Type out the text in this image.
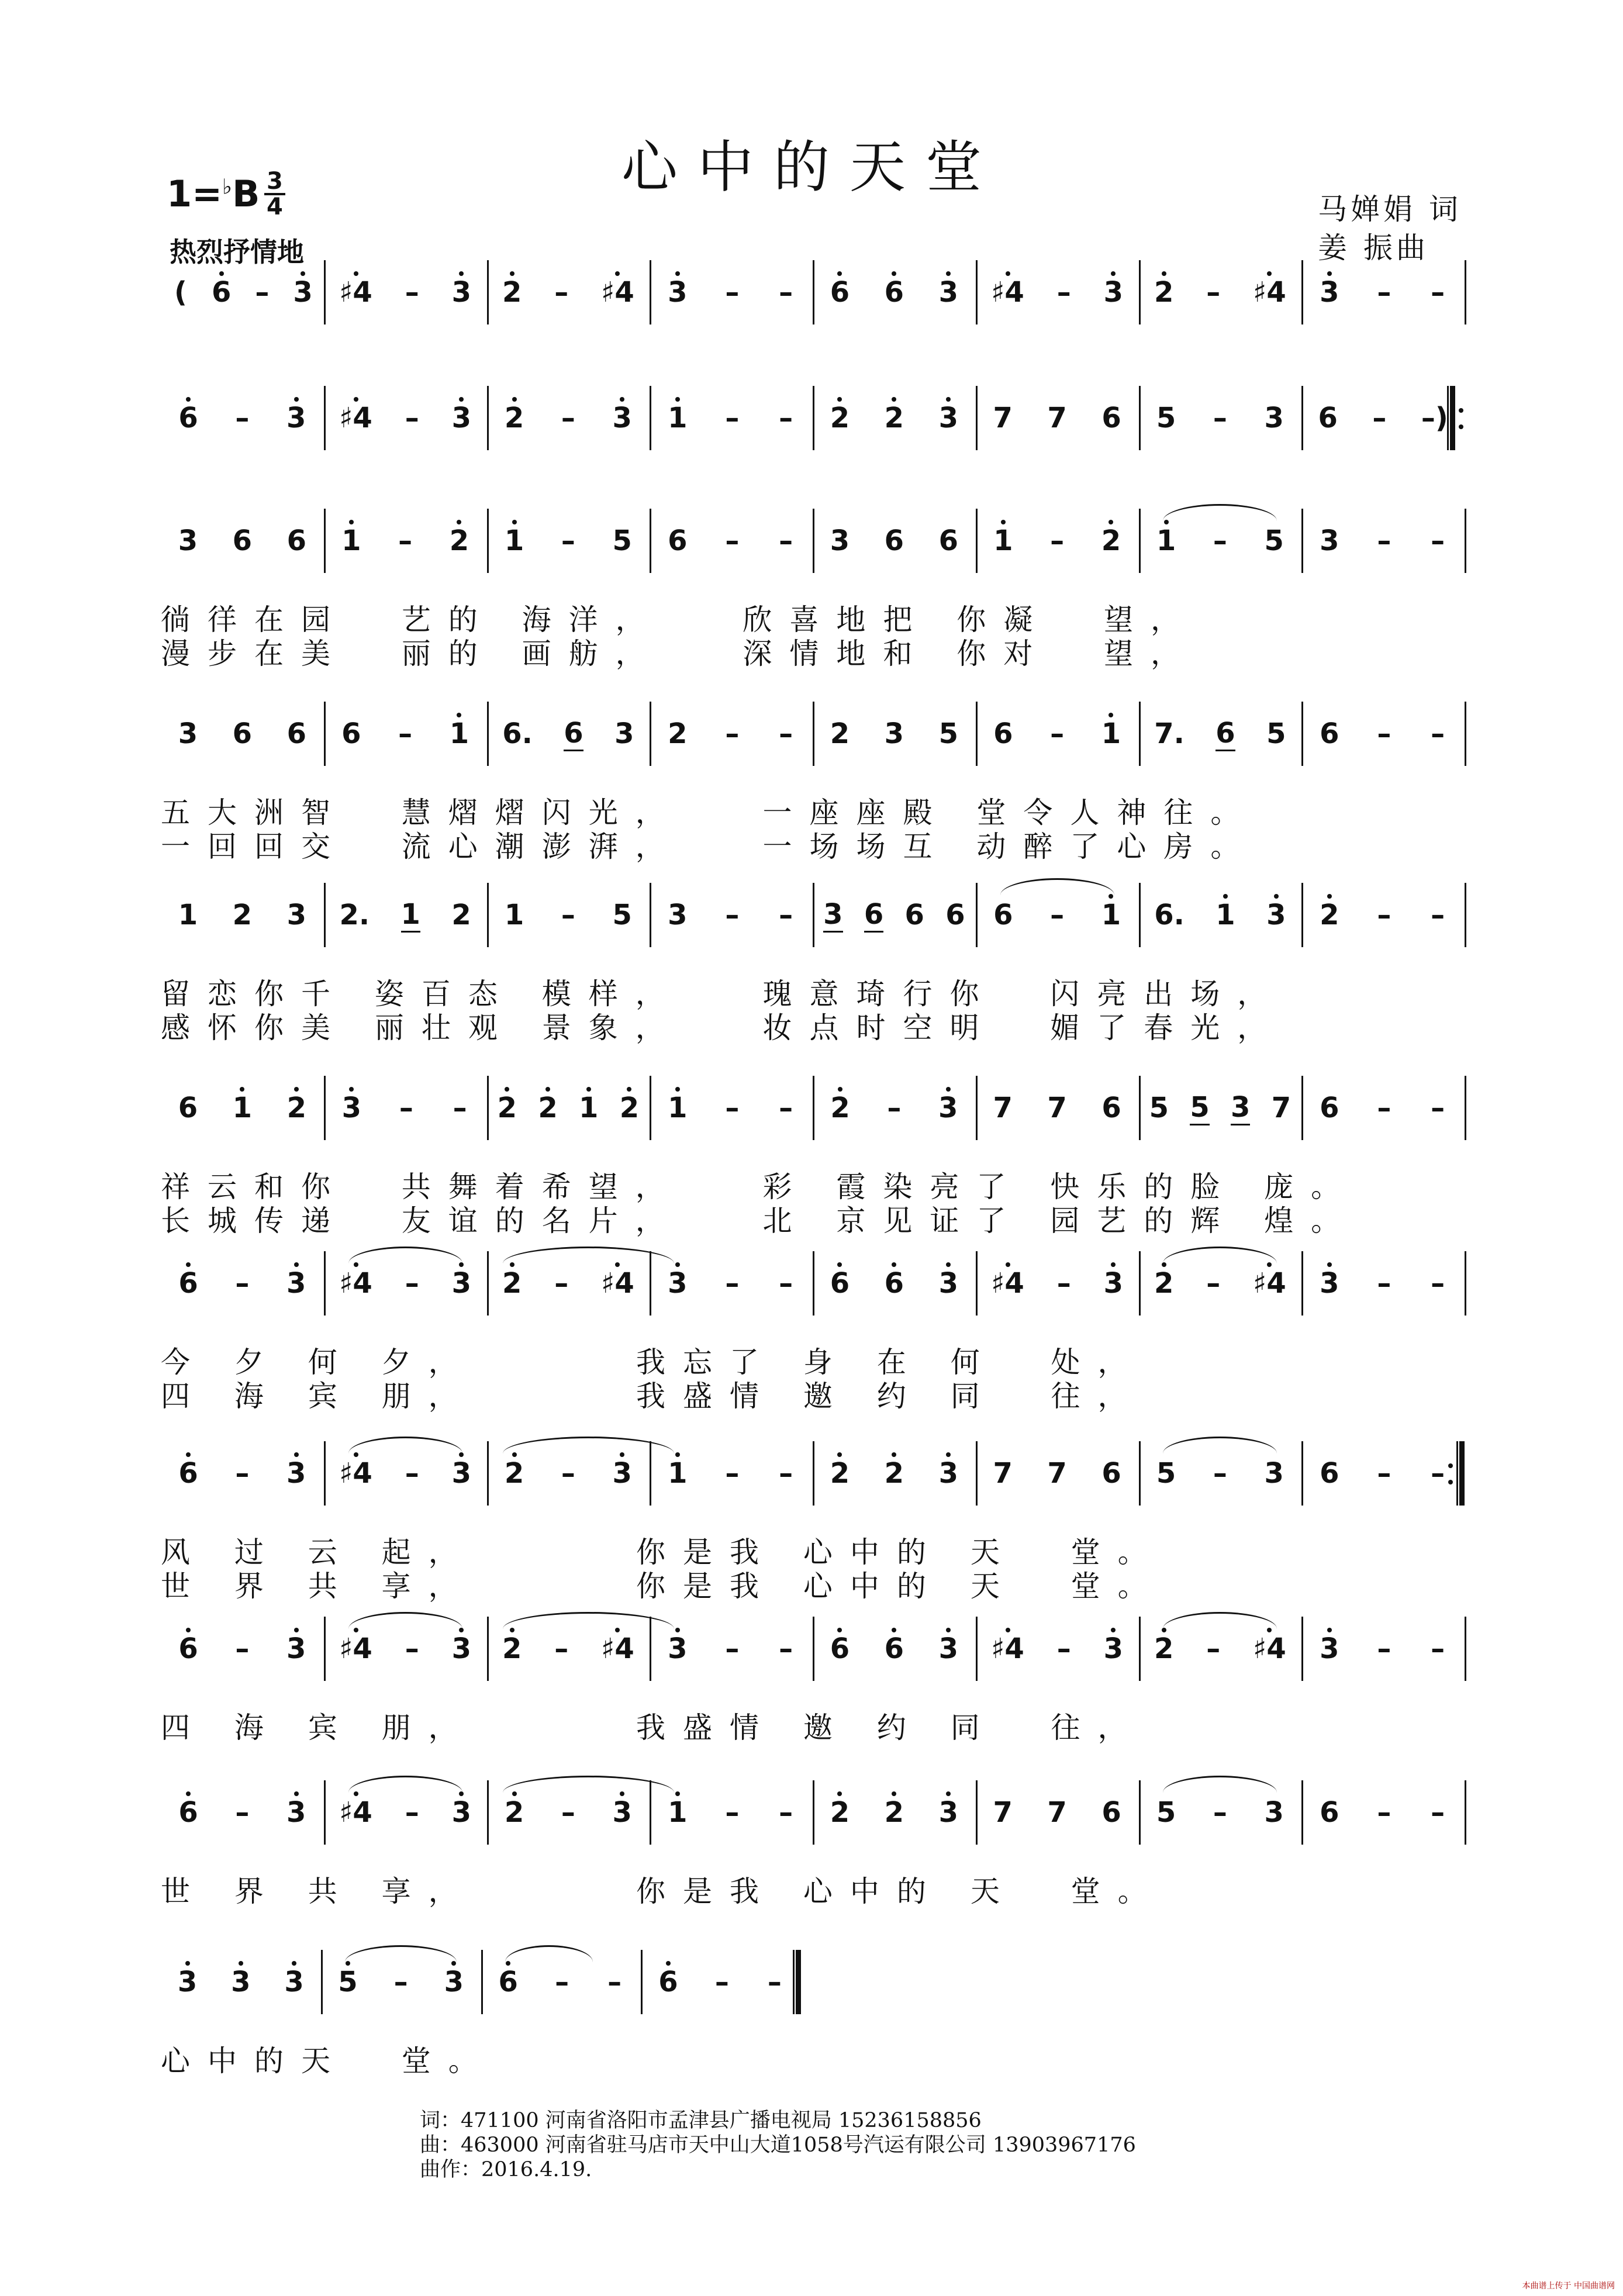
心中的天堂
1=♭B 3
4
热烈抒情地
马婵娟 词
姜 振曲
( 6 – 3 ♯4 – 3 2 – ♯4 3 – – 6 6 3 ♯4 – 3 2 – ♯4 3 – –
6 – 3 ♯4 – 3 2 – 3 1 – – 2 2 3 7 7 6 5 – 3 6 – –)
3 6 6 1 – 2 1 – 5 6 – – 3 6 6 1 – 2 1 – 5 3 – –
徜徉在园  艺的 海洋，   欣喜地把 你凝  望，
漫步在美  丽的 画舫，   深情地和 你对  望，
3 6 6 6 – 1 6. 6 3 2 – – 2 3 5 6 – 1 7. 6 5 6 – –
五大洲智  慧熠熠闪光，   一座座殿 堂令人神往。
一回回交  流心潮澎湃，   一场场互 动醉了心房。
1 2 3 2. 1 2 1 – 5 3 – – 3 6 6 6 6 – 1 6. 1 3 2 – –
留恋你千 姿百态 模样，   瑰意琦行你  闪亮出场，
感怀你美 丽壮观 景象，   妆点时空明  媚了春光，
6 1 2 3 – – 2 2 1 2 1 – – 2 – 3 7 7 6 5 5 3 7 6 – –
祥云和你  共舞着希望，   彩 霞染亮了 快乐的脸 庞。
长城传递  友谊的名片，   北 京见证了 园艺的辉 煌。
6 – 3 ♯4 – 3 2 – ♯4 3 – – 6 6 3 ♯4 – 3 2 – ♯4 3 – –
今 夕 何 夕，      我忘了 身 在 何  处，
四 海 宾 朋，      我盛情 邀 约 同  往，
6 – 3 ♯4 – 3 2 – 3 1 – – 2 2 3 7 7 6 5 – 3 6 – –
风 过 云 起，      你是我 心中的 天  堂。
世 界 共 享，      你是我 心中的 天  堂。
6 – 3 ♯4 – 3 2 – ♯4 3 – – 6 6 3 ♯4 – 3 2 – ♯4 3 – –
四 海 宾 朋，      我盛情 邀 约 同  往，
6 – 3 ♯4 – 3 2 – 3 1 – – 2 2 3 7 7 6 5 – 3 6 – –
世 界 共 享，      你是我 心中的 天  堂。
3 3 3 5 – 3 6 – – 6 – –
心中的天  堂。
词：471100 河南省洛阳市孟津县广播电视局 15236158856
曲：463000 河南省驻马店市天中山大道1058号汽运有限公司 13903967176
曲作：2016.4.19.
本曲谱上传于 中国曲谱网
